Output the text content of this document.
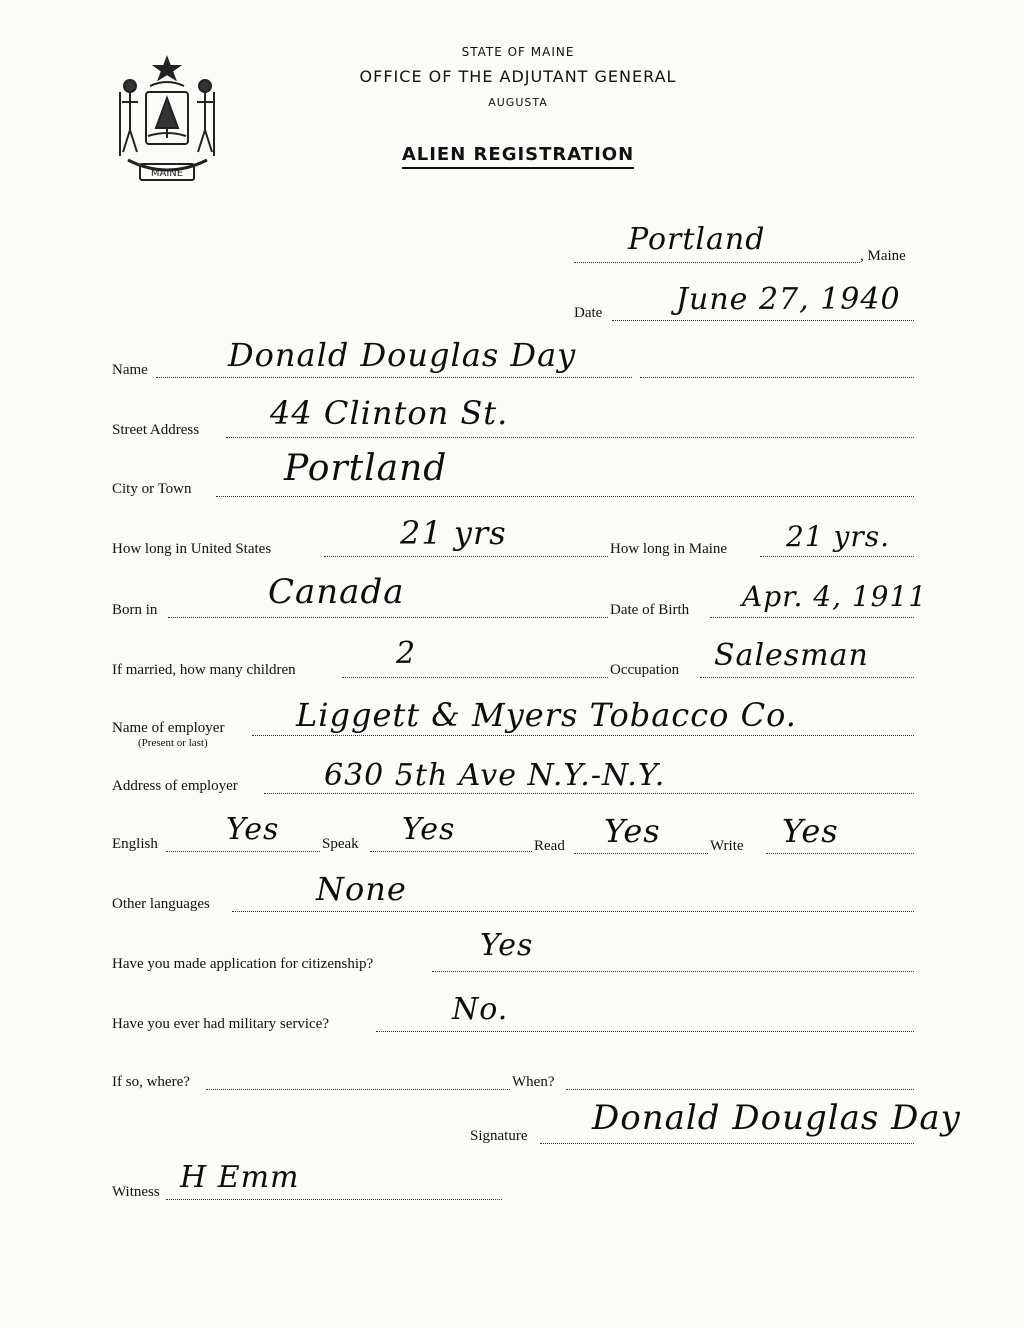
MAINE
STATE OF MAINE
OFFICE OF THE ADJUTANT GENERAL
AUGUSTA
ALIEN REGISTRATION
Portland	, Maine
Date June 27, 1940
Name	Donald Douglas Day
Street Address 44 Clinton St.
City or Town	Portland
How long in United States	21 yrs	How long in Maine 21 yrs.
Born in	Canada	Date of Birth Apr. 4, 1911
If married, how many children	2	Occupation Salesman
Name of employer
(Present or last)
Liggett & Myers Tobacco Co.
Address of employer	630 5th Ave N.Y.-N.Y.
English Yes	Speak Yes	Read Yes	Write Yes
Other languages	None
Have you made application for citizenship?
Yes
Have you ever had military service?	No.
If so, where?	When?
Signature Donald Douglas Day
Witness H Emm
